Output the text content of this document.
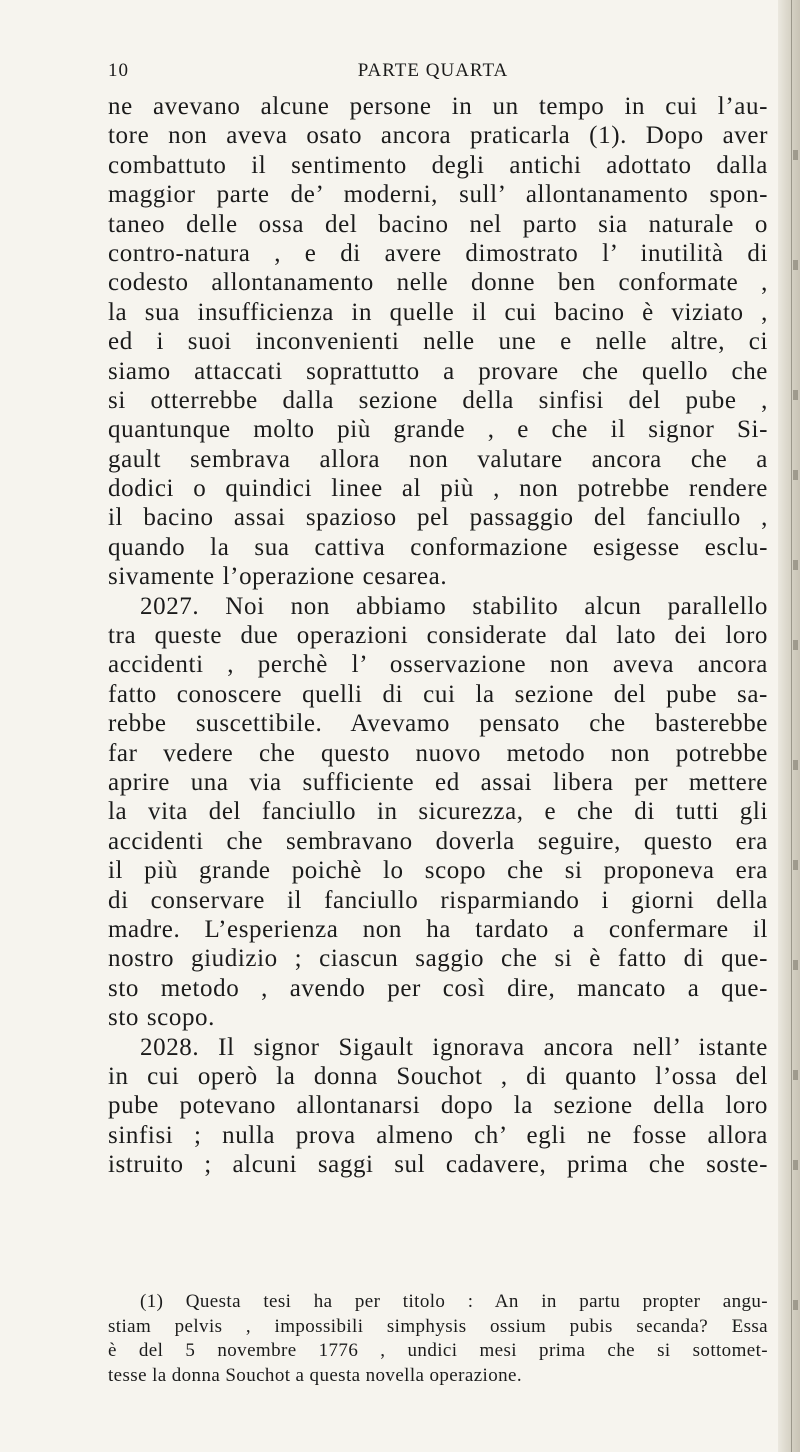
10	PARTE QUARTA
ne avevano alcune persone in un tempo in cui l’au-
tore non aveva osato ancora praticarla (1). Dopo aver
combattuto il sentimento degli antichi adottato dalla
maggior parte de’ moderni, sull’ allontanamento spon-
taneo delle ossa del bacino nel parto sia naturale o
contro-natura , e di avere dimostrato l’ inutilità di
codesto allontanamento nelle donne ben conformate ,
la sua insufficienza in quelle il cui bacino è viziato ,
ed i suoi inconvenienti nelle une e nelle altre, ci
siamo attaccati soprattutto a provare che quello che
si otterrebbe dalla sezione della sinfisi del pube ,
quantunque molto più grande , e che il signor Si-
gault sembrava allora non valutare ancora che a
dodici o quindici linee al più , non potrebbe rendere
il bacino assai spazioso pel passaggio del fanciullo ,
quando la sua cattiva conformazione esigesse esclu-
sivamente l’operazione cesarea.
2027. Noi non abbiamo stabilito alcun parallello
tra queste due operazioni considerate dal lato dei loro
accidenti , perchè l’ osservazione non aveva ancora
fatto conoscere quelli di cui la sezione del pube sa-
rebbe suscettibile. Avevamo pensato che basterebbe
far vedere che questo nuovo metodo non potrebbe
aprire una via sufficiente ed assai libera per mettere
la vita del fanciullo in sicurezza, e che di tutti gli
accidenti che sembravano doverla seguire, questo era
il più grande poichè lo scopo che si proponeva era
di conservare il fanciullo risparmiando i giorni della
madre. L’esperienza non ha tardato a confermare il
nostro giudizio ; ciascun saggio che si è fatto di que-
sto metodo , avendo per così dire, mancato a que-
sto scopo.
2028. Il signor Sigault ignorava ancora nell’ istante
in cui operò la donna Souchot , di quanto l’ossa del
pube potevano allontanarsi dopo la sezione della loro
sinfisi ; nulla prova almeno ch’ egli ne fosse allora
istruito ; alcuni saggi sul cadavere, prima che soste-
(1) Questa tesi ha per titolo : An in partu propter angu-
stiam pelvis , impossibili simphysis ossium pubis secanda? Essa
è del 5 novembre 1776 , undici mesi prima che si sottomet-
tesse la donna Souchot a questa novella operazione.
